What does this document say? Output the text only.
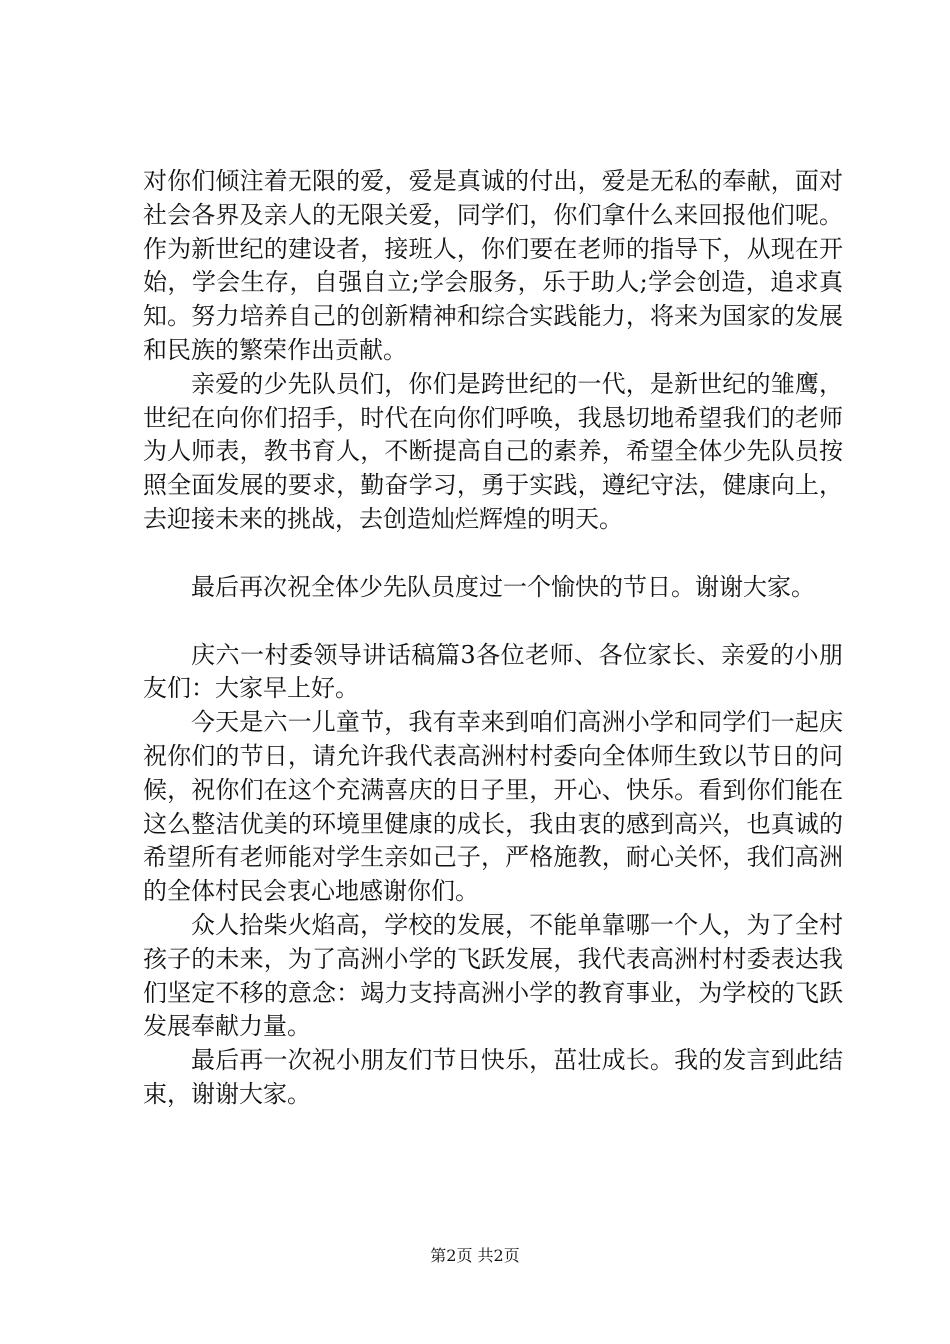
对你们倾注着无限的爱，爱是真诚的付出，爱是无私的奉献，面对社会各界及亲人的无限关爱，同学们，你们拿什么来回报他们呢。作为新世纪的建设者，接班人，你们要在老师的指导下，从现在开始，学会生存，自强自立;学会服务，乐于助人;学会创造，追求真知。努力培养自己的创新精神和综合实践能力，将来为国家的发展和民族的繁荣作出贡献。

亲爱的少先队员们，你们是跨世纪的一代，是新世纪的雏鹰，世纪在向你们招手，时代在向你们呼唤，我恳切地希望我们的老师为人师表，教书育人，不断提高自己的素养，希望全体少先队员按照全面发展的要求，勤奋学习，勇于实践，遵纪守法，健康向上，去迎接未来的挑战，去创造灿烂辉煌的明天。

最后再次祝全体少先队员度过一个愉快的节日。谢谢大家。

庆六一村委领导讲话稿篇3各位老师、各位家长、亲爱的小朋友们：大家早上好。

今天是六一儿童节，我有幸来到咱们高洲小学和同学们一起庆祝你们的节日，请允许我代表高洲村村委向全体师生致以节日的问候，祝你们在这个充满喜庆的日子里，开心、快乐。看到你们能在这么整洁优美的环境里健康的成长，我由衷的感到高兴，也真诚的希望所有老师能对学生亲如己子，严格施教，耐心关怀，我们高洲的全体村民会衷心地感谢你们。

众人拾柴火焰高，学校的发展，不能单靠哪一个人，为了全村孩子的未来，为了高洲小学的飞跃发展，我代表高洲村村委表达我们坚定不移的意念：竭力支持高洲小学的教育事业，为学校的飞跃发展奉献力量。

最后再一次祝小朋友们节日快乐，茁壮成长。我的发言到此结束，谢谢大家。

第2页 共2页
